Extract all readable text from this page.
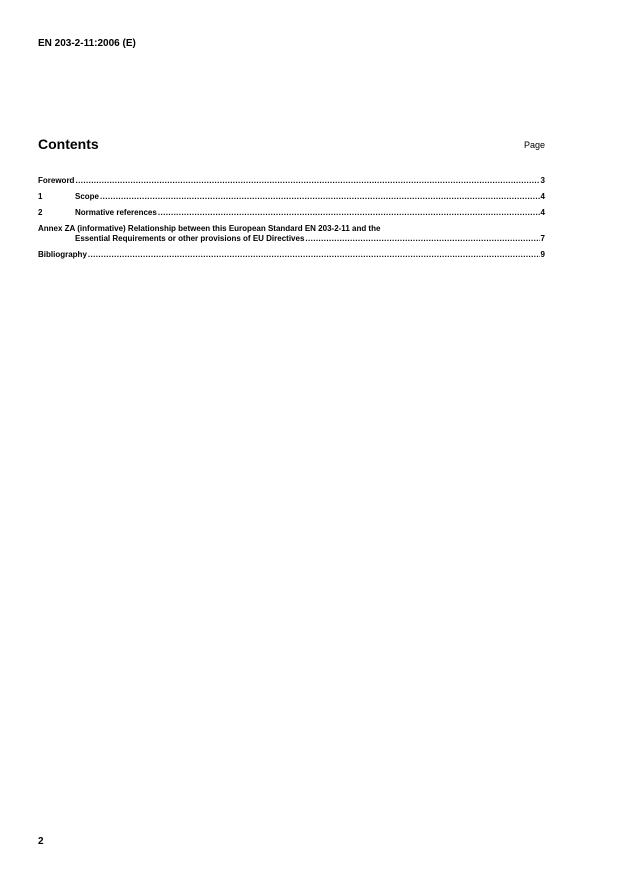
EN 203-2-11:2006 (E)
Contents	Page
Foreword .....	3
1	Scope .....	4
2	Normative references .....	4
Annex ZA (informative) Relationship between this European Standard EN 203-2-11 and the
Essential Requirements or other provisions of EU Directives .....	7
Bibliography .....	9
2
